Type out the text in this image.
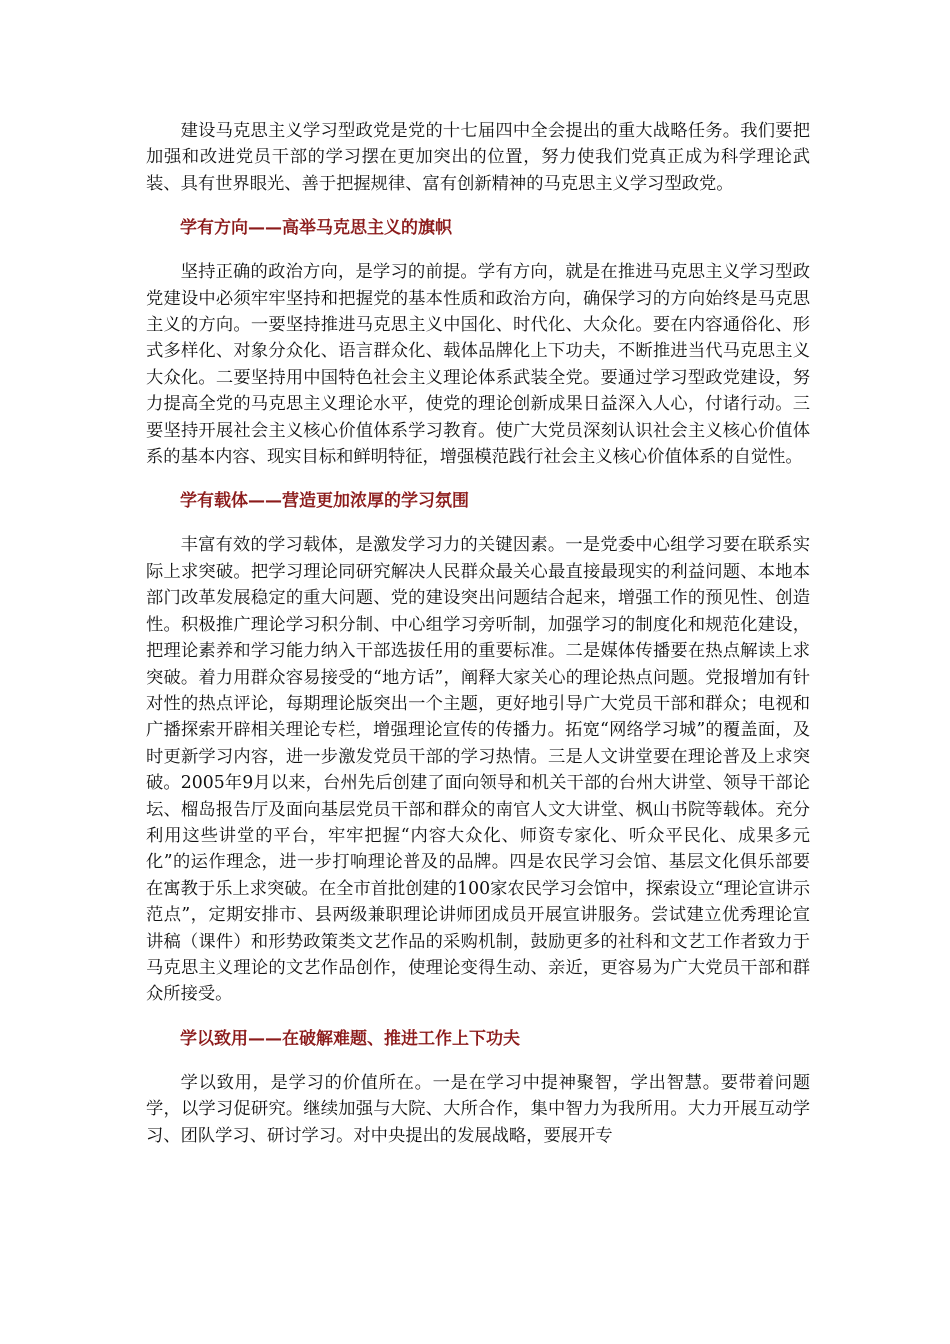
建设马克思主义学习型政党是党的十七届四中全会提出的重大战略任务。我们要把加强和改进党员干部的学习摆在更加突出的位置，努力使我们党真正成为科学理论武装、具有世界眼光、善于把握规律、富有创新精神的马克思主义学习型政党。

学有方向——高举马克思主义的旗帜

坚持正确的政治方向，是学习的前提。学有方向，就是在推进马克思主义学习型政党建设中必须牢牢坚持和把握党的基本性质和政治方向，确保学习的方向始终是马克思主义的方向。一要坚持推进马克思主义中国化、时代化、大众化。要在内容通俗化、形式多样化、对象分众化、语言群众化、载体品牌化上下功夫，不断推进当代马克思主义大众化。二要坚持用中国特色社会主义理论体系武装全党。要通过学习型政党建设，努力提高全党的马克思主义理论水平，使党的理论创新成果日益深入人心，付诸行动。三要坚持开展社会主义核心价值体系学习教育。使广大党员深刻认识社会主义核心价值体系的基本内容、现实目标和鲜明特征，增强模范践行社会主义核心价值体系的自觉性。

学有载体——营造更加浓厚的学习氛围

丰富有效的学习载体，是激发学习力的关键因素。一是党委中心组学习要在联系实际上求突破。把学习理论同研究解决人民群众最关心最直接最现实的利益问题、本地本部门改革发展稳定的重大问题、党的建设突出问题结合起来，增强工作的预见性、创造性。积极推广理论学习积分制、中心组学习旁听制，加强学习的制度化和规范化建设，把理论素养和学习能力纳入干部选拔任用的重要标准。二是媒体传播要在热点解读上求突破。着力用群众容易接受的“地方话”，阐释大家关心的理论热点问题。党报增加有针对性的热点评论，每期理论版突出一个主题，更好地引导广大党员干部和群众；电视和广播探索开辟相关理论专栏，增强理论宣传的传播力。拓宽“网络学习城”的覆盖面，及时更新学习内容，进一步激发党员干部的学习热情。三是人文讲堂要在理论普及上求突破。2005年9月以来，台州先后创建了面向领导和机关干部的台州大讲堂、领导干部论坛、榴岛报告厅及面向基层党员干部和群众的南官人文大讲堂、枫山书院等载体。充分利用这些讲堂的平台，牢牢把握“内容大众化、师资专家化、听众平民化、成果多元化”的运作理念，进一步打响理论普及的品牌。四是农民学习会馆、基层文化俱乐部要在寓教于乐上求突破。在全市首批创建的100家农民学习会馆中，探索设立“理论宣讲示范点”，定期安排市、县两级兼职理论讲师团成员开展宣讲服务。尝试建立优秀理论宣讲稿（课件）和形势政策类文艺作品的采购机制，鼓励更多的社科和文艺工作者致力于马克思主义理论的文艺作品创作，使理论变得生动、亲近，更容易为广大党员干部和群众所接受。

学以致用——在破解难题、推进工作上下功夫

学以致用，是学习的价值所在。一是在学习中提神聚智，学出智慧。要带着问题学，以学习促研究。继续加强与大院、大所合作，集中智力为我所用。大力开展互动学习、团队学习、研讨学习。对中央提出的发展战略，要展开专
